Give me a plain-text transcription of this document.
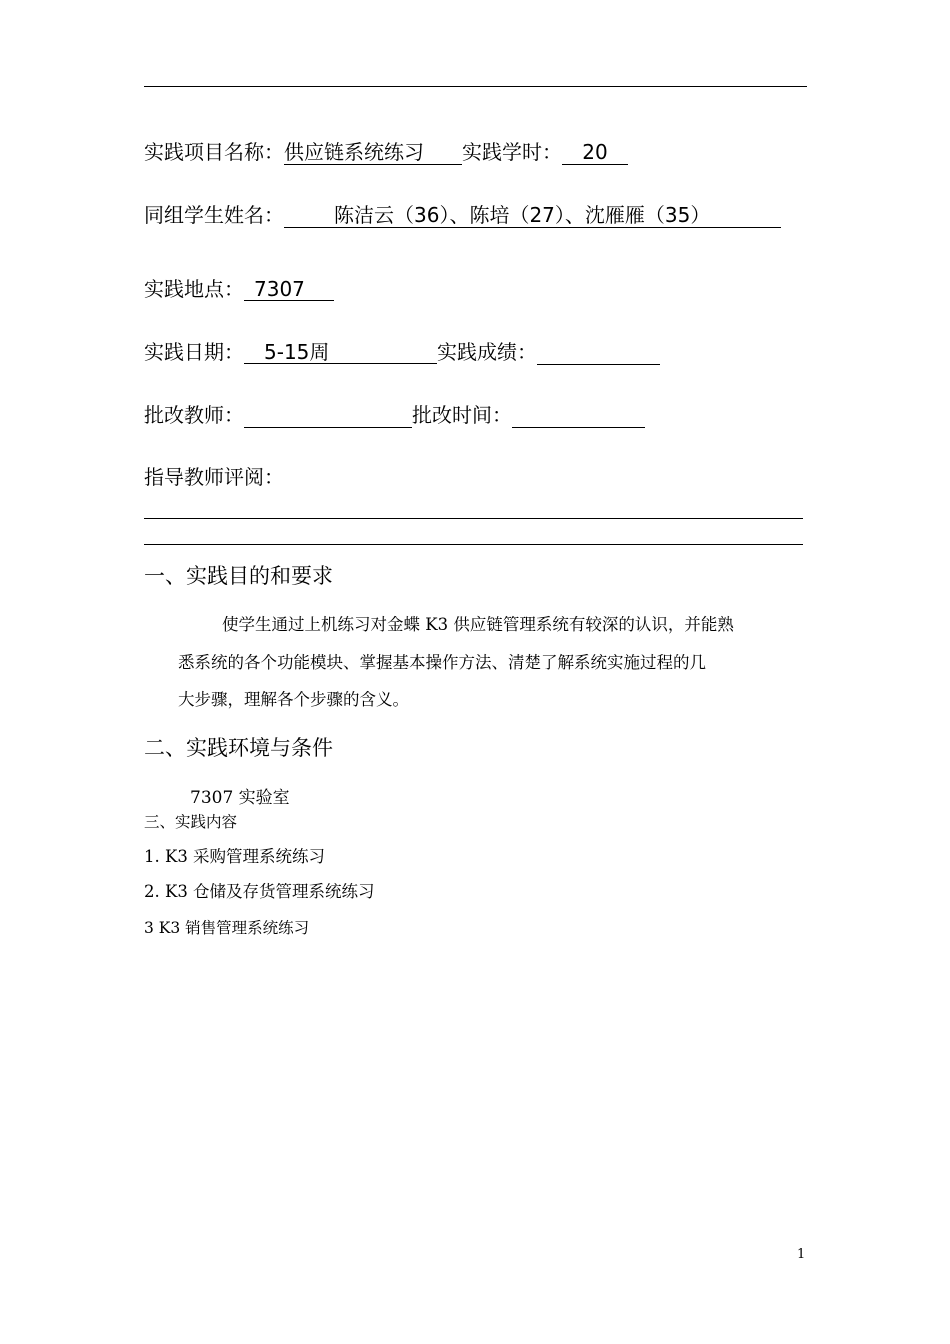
实践项目名称：供应链系统练习 实践学时： 20
同组学生姓名：	陈洁云（36）、陈培（27）、沈雁雁（35）
实践地点： 7307
实践日期： 5-15周	实践成绩：
批改教师：	批改时间：
指导教师评阅：
一、实践目的和要求
使学生通过上机练习对金蝶 K3 供应链管理系统有较深的认识，并能熟
悉系统的各个功能模块、掌握基本操作方法、清楚了解系统实施过程的几
大步骤，理解各个步骤的含义。
二、实践环境与条件
7307 实验室
三、实践内容
1. K3 采购管理系统练习
2. K3 仓储及存货管理系统练习
3 K3 销售管理系统练习
1
